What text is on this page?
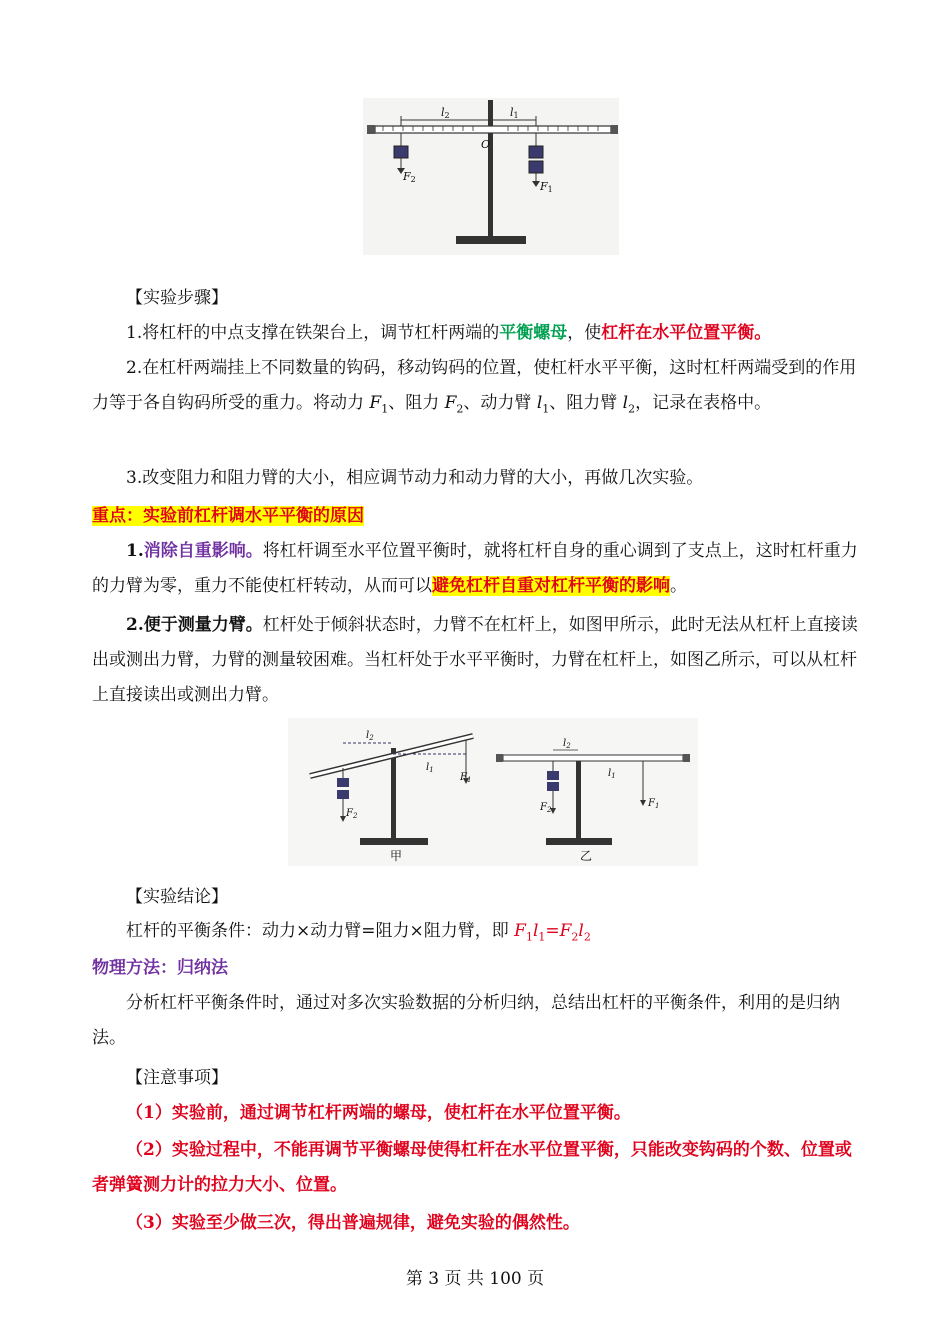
l2	l1
O
F2
F1

【实验步骤】

1.将杠杆的中点支撑在铁架台上，调节杠杆两端的平衡螺母，使杠杆在水平位置平衡。

2.在杠杆两端挂上不同数量的钩码，移动钩码的位置，使杠杆水平平衡，这时杠杆两端受到的作用力等于各自钩码所受的重力。将动力 $F_1$、阻力 $F_2$、动力臂 $l_1$、阻力臂 $l_2$，记录在表格中。

3.改变阻力和阻力臂的大小，相应调节动力和动力臂的大小，再做几次实验。

重点：实验前杠杆调水平平衡的原因

1.消除自重影响。将杠杆调至水平位置平衡时，就将杠杆自身的重心调到了支点上，这时杠杆重力的力臂为零，重力不能使杠杆转动，从而可以避免杠杆自重对杠杆平衡的影响。

2.便于测量力臂。杠杆处于倾斜状态时，力臂不在杠杆上，如图甲所示，此时无法从杠杆上直接读出或测出力臂，力臂的测量较困难。当杠杆处于水平平衡时，力臂在杠杆上，如图乙所示，可以从杠杆上直接读出或测出力臂。

$l_2$
$l_1$
$F_2$
$F_1$
甲
$l_2$
$l_1$
$F_2$
$F_1$
乙

【实验结论】

杠杆的平衡条件：动力×动力臂=阻力×阻力臂，即 $F_1l_1=F_2l_2$

物理方法：归纳法

分析杠杆平衡条件时，通过对多次实验数据的分析归纳，总结出杠杆的平衡条件，利用的是归纳法。

【注意事项】

（1）实验前，通过调节杠杆两端的螺母，使杠杆在水平位置平衡。

（2）实验过程中，不能再调节平衡螺母使得杠杆在水平位置平衡，只能改变钩码的个数、位置或者弹簧测力计的拉力大小、位置。

（3）实验至少做三次，得出普遍规律，避免实验的偶然性。

第 3 页 共 100 页
